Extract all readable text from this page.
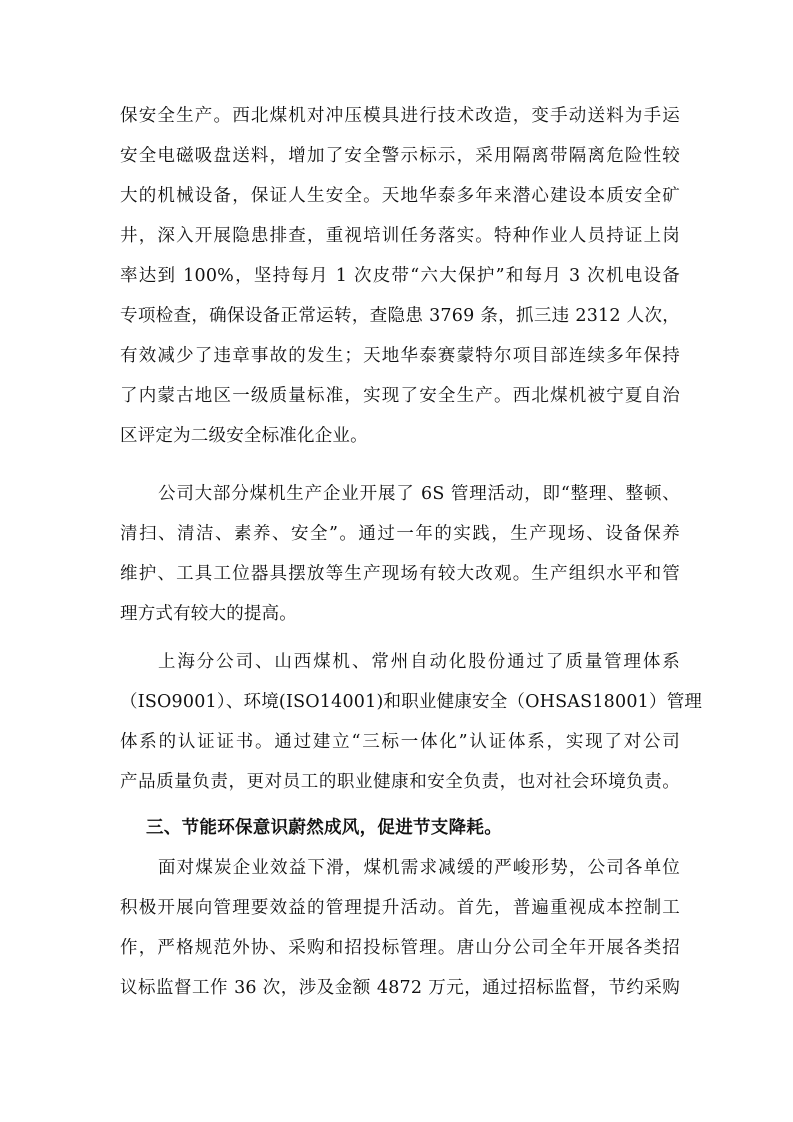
保安全生产。西北煤机对冲压模具进行技术改造，变手动送料为手运
安全电磁吸盘送料，增加了安全警示标示，采用隔离带隔离危险性较
大的机械设备，保证人生安全。天地华泰多年来潜心建设本质安全矿
井，深入开展隐患排查，重视培训任务落实。特种作业人员持证上岗
率达到 100%，坚持每月 1 次皮带“六大保护”和每月 3 次机电设备
专项检查，确保设备正常运转，查隐患 3769 条，抓三违 2312 人次，
有效减少了违章事故的发生；天地华泰赛蒙特尔项目部连续多年保持
了内蒙古地区一级质量标准，实现了安全生产。西北煤机被宁夏自治
区评定为二级安全标准化企业。
公司大部分煤机生产企业开展了 6S 管理活动，即“整理、整顿、
清扫、清洁、素养、安全”。通过一年的实践，生产现场、设备保养
维护、工具工位器具摆放等生产现场有较大改观。生产组织水平和管
理方式有较大的提高。
上海分公司、山西煤机、常州自动化股份通过了质量管理体系
（ISO9001）、环境(ISO14001)和职业健康安全（OHSAS18001）管理
体系的认证证书。通过建立“三标一体化”认证体系，实现了对公司
产品质量负责，更对员工的职业健康和安全负责，也对社会环境负责。
三、节能环保意识蔚然成风，促进节支降耗。
面对煤炭企业效益下滑，煤机需求减缓的严峻形势，公司各单位
积极开展向管理要效益的管理提升活动。首先，普遍重视成本控制工
作，严格规范外协、采购和招投标管理。唐山分公司全年开展各类招
议标监督工作 36 次，涉及金额 4872 万元，通过招标监督，节约采购
